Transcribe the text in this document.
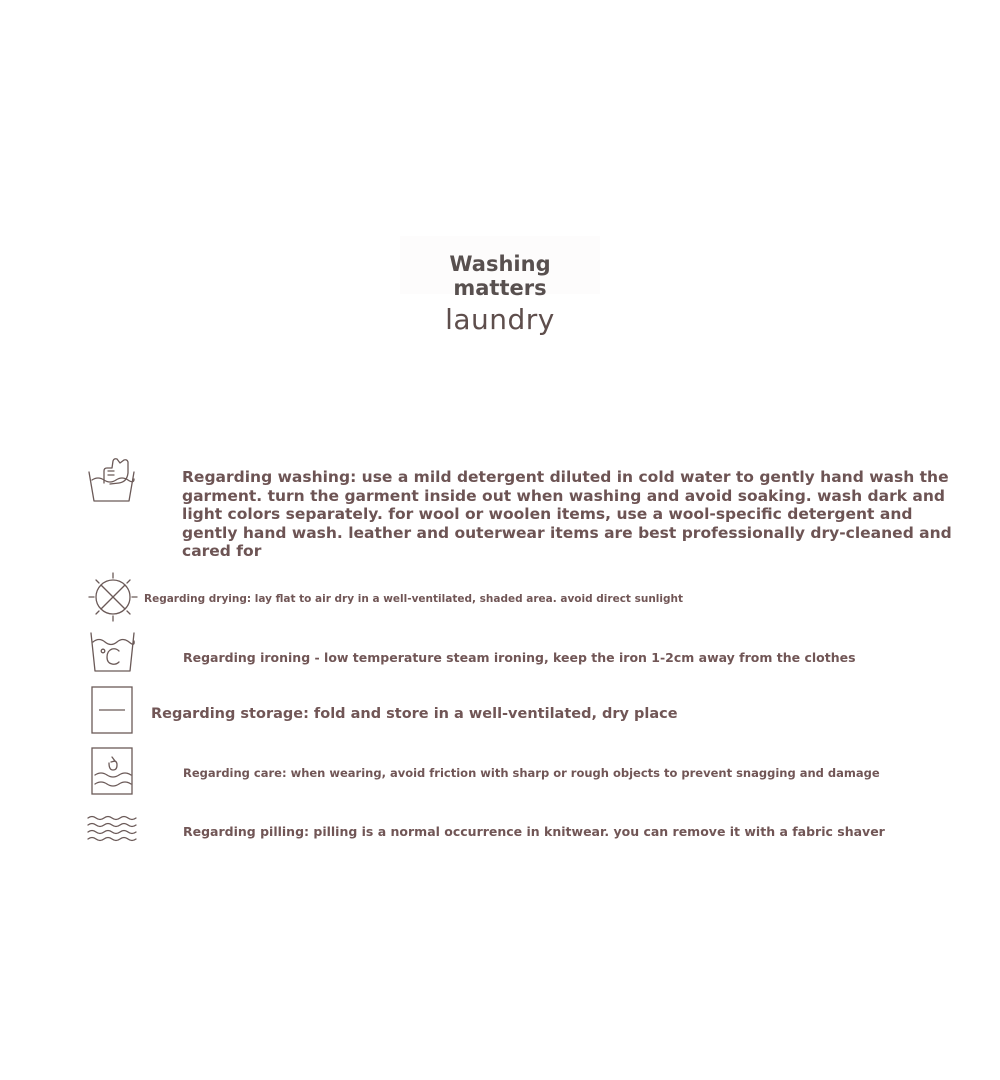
Washing matters
laundry
Regarding washing: use a mild detergent diluted in cold water to gently hand wash the garment. turn the garment inside out when washing and avoid soaking. wash dark and light colors separately. for wool or woolen items, use a wool-specific detergent and gently hand wash. leather and outerwear items are best professionally dry-cleaned and cared for
Regarding drying: lay flat to air dry in a well-ventilated, shaded area. avoid direct sunlight
Regarding ironing - low temperature steam ironing, keep the iron 1-2cm away from the clothes
Regarding storage: fold and store in a well-ventilated, dry place
Regarding care: when wearing, avoid friction with sharp or rough objects to prevent snagging and damage
Regarding pilling: pilling is a normal occurrence in knitwear. you can remove it with a fabric shaver
